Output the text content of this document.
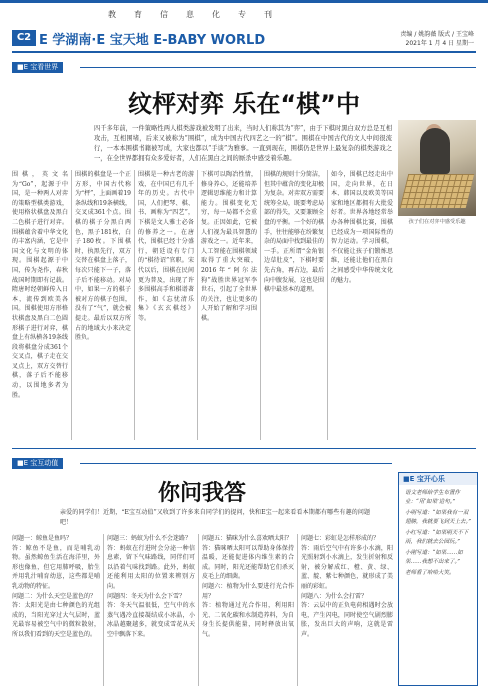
教育信息化专刊
C2 E 学湖南·E 宝天地 E-BABY WORLD	责编 / 姚韵薇 版式 / 王宝峰
2021年 1 月 4 日 星期一
■E 宝看世界
纹枰对弈 乐在“棋”中
四千多年前，一件策略性两人棋类游戏被发明了出来，当时人们称其为“弈”，由于下棋时黑白双方总是互相攻击，互相围堵，后来又被称为“围棋”，成为中国古代四艺之一的“棋”。围棋在中国古代的文人中间很流行，一本本围棋书籍被写成，大家也都以“手谈”为雅事。一直到现在，围棋仍是世界上最复杂的棋类游戏之一，在全世界都拥有众多爱好者，人们在黑白之间的厮杀中感受着乐趣。
围棋，英文名为“Go”，起源于中国，是一种两人对弈的策略型棋类游戏，使用格状棋盘及黑白二色棋子进行对弈。围棋蕴含着中华文化的丰富内涵，它是中国文化与文明的体现。围棋起源于中国，传为尧作，春秋战国时期即有记载。隋唐时经朝鲜传入日本，流传到欧美各国。围棋使用方形格状棋盘及黑白二色圆形棋子进行对弈，棋盘上有纵横各19条线段将棋盘分成361个交叉点，棋子走在交叉点上，双方交替行棋，落子后不能移动，以围地多者为胜。
围棋的棋盘是一个正方形，中国古代称为“枰”，上面画着19条纵线和19条横线，交叉成361个点。围棋的棋子分黑白两色，黑子181枚，白子180枚。下围棋时，执黑先行，双方交替在棋盘上落子，每次只能下一子，落子后不能移动。对局中，如果一方的棋子被对方的棋子包围，没有了“气”，就会被提走。最后以双方所占的地域大小来决定胜负。
围棋是一种古老的游戏，在中国已有几千年的历史。古代中国，人们把琴、棋、书、画称为“四艺”，下棋是文人雅士必备的修养之一。在唐代，围棋已经十分盛行，朝廷设有专门的“棋待诏”官职。宋代以后，围棋在民间更为普及，出现了许多围棋高手和棋谱著作，如《忘忧清乐集》《玄玄棋经》等。
下棋可以陶冶性情，修身养心，还能培养逻辑思维能力和计算能力。围棋变化无穷，每一局都不会重复。正因如此，它被人们视为最具智慧的游戏之一。近年来，人工智能在围棋领域取得了重大突破，2016年“阿尔法狗”战胜世界冠军李世石，引起了全世界的关注，也让更多的人开始了解和学习围棋。
围棋的规则十分简洁，但其中蕴含的变化却极为复杂。对弈双方需要统筹全局，既要考虑局部的得失，又要兼顾全盘的平衡。一个好的棋手，往往能够在纷繁复杂的局面中找到最佳的一手。正所谓“金角银边草肚皮”，下棋时要先占角，再占边，最后向中腹发展，这也是围棋中最基本的道理。
如今，围棋已经走出中国，走向世界，在日本、韩国以及欧美等国家和地区都拥有大批爱好者。世界各地经常举办各种围棋比赛，围棋已经成为一项国际性的智力运动。学习围棋，不仅能让孩子们锻炼思维，还能让他们在黑白之间感受中华传统文化的魅力。
孩子们在对弈中感受乐趣
■E 宝互动值
你问我答
亲爱的同学们！近期，“E宝互动值”又收到了许多来自同学们的提问，快和E宝一起来看看本期都有哪些有趣的问题吧！
问题一：鲸鱼是鱼吗？
答：鲸鱼不是鱼，而是哺乳动物。虽然鲸鱼生活在海洋里，外形也像鱼，但它用肺呼吸，胎生并用乳汁哺育幼崽，这些都是哺乳动物的特征。
问题二：为什么天空是蓝色的？
答：太阳光是由七种颜色的光组成的，当阳光穿过大气层时，蓝光最容易被空气中的微粒散射，所以我们看到的天空是蓝色的。
问题三：蚂蚁为什么不会迷路？
答：蚂蚁在行进时会分泌一种信息素，留下气味路线，同伴们可以沿着气味找到路。此外，蚂蚁还能利用太阳的位置来辨别方向。
问题四：冬天为什么会下雪？
答：冬天气温很低，空气中的水蒸气遇冷直接凝结成小冰晶，小冰晶越聚越多，就变成雪花从天空中飘落下来。
问题五：猫咪为什么喜欢晒太阳？
答：猫咪晒太阳可以帮助身体保持温暖，还能促进体内维生素的合成。同时，阳光还能帮助它们杀灭皮毛上的细菌。
问题六：植物为什么要进行光合作用？
答：植物通过光合作用，利用阳光、二氧化碳和水制造养料，为自身生长提供能量，同时释放出氧气。
问题七：彩虹是怎样形成的？
答：雨后空气中有许多小水滴，阳光照射到小水滴上，发生折射和反射，被分解成红、橙、黄、绿、蓝、靛、紫七种颜色，就形成了美丽的彩虹。
问题八：为什么会打雷？
答：云层中的正负电荷相遇时会放电，产生闪电，同时使空气剧烈膨胀，发出巨大的声响，这就是雷声。
■E 宝开心乐

语文老师给学生布置作业：“用‘如果’造句。”

小明写道：“如果我有一双翅膀，我就要飞到天上去。”

小红写道：“如果明天不下雨，我们就去公园玩。”

小刚写道：“如果……如果……我想不出来了。”

老师看了哈哈大笑。
